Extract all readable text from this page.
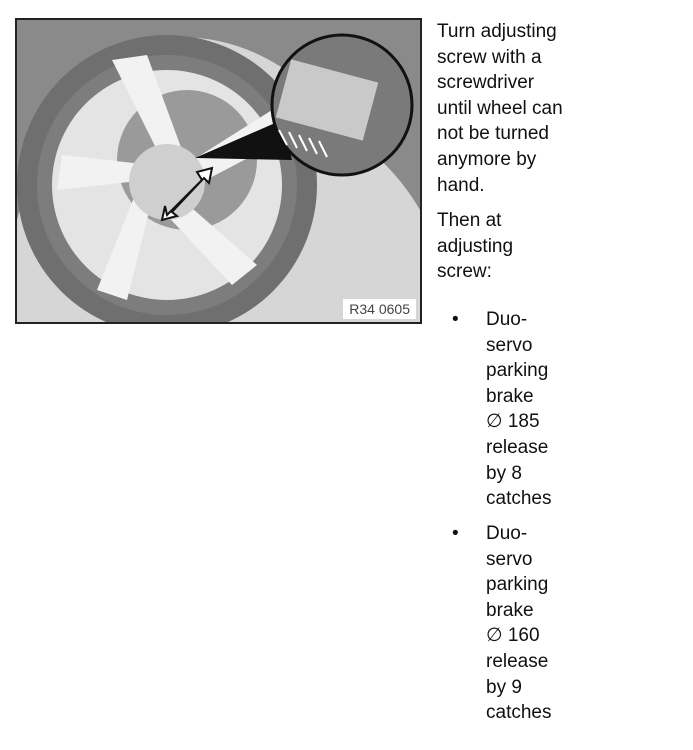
R34 0605
Turn adjusting
screw with a
screwdriver
until wheel can
not be turned
anymore by
hand.
Then at
adjusting
screw:
• Duo-
servo
parking
brake
∅ 185
release
by 8
catches
• Duo-
servo
parking
brake
∅ 160
release
by 9
catches
